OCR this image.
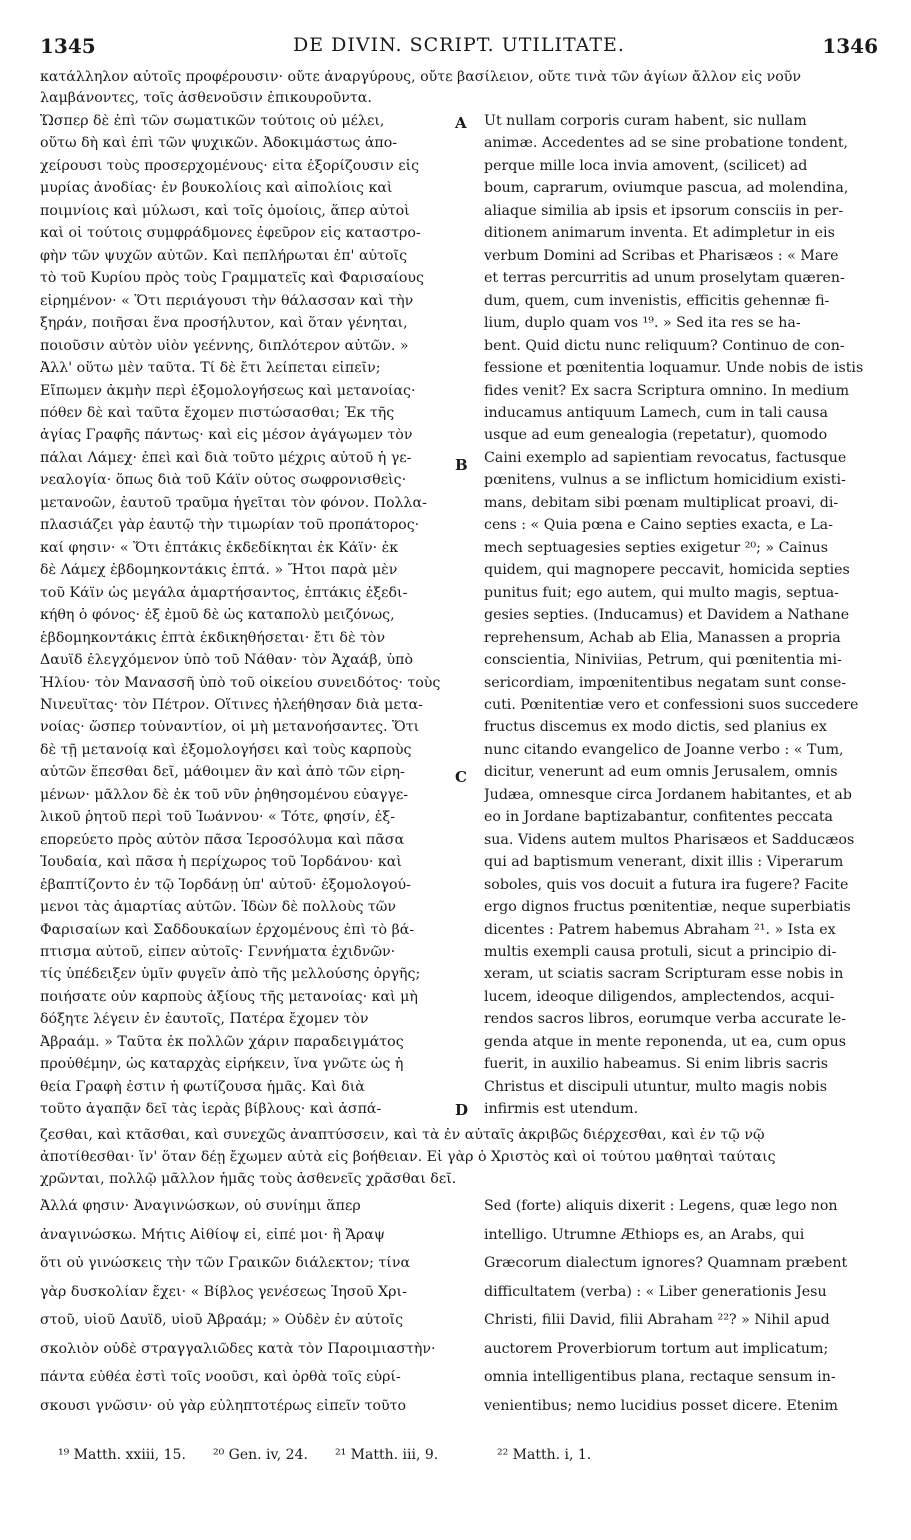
1345	DE DIVIN. SCRIPT. UTILITATE.	1346
κατάλληλον αὐτοῖς προφέρουσιν· οὔτε ἀναργύρους, οὔτε βασίλειον, οὔτε τινὰ τῶν ἁγίων ἄλλον εἰς νοῦν
λαμβάνοντες, τοῖς ἀσθενοῦσιν ἐπικουροῦντα.
Ὥσπερ δὲ ἐπὶ τῶν σωματικῶν τούτοις οὐ μέλει,
οὕτω δὴ καὶ ἐπὶ τῶν ψυχικῶν. Ἀδοκιμάστως ἀπο-
χείρουσι τοὺς προσερχομένους· εἶτα ἐξορίζουσιν εἰς
μυρίας ἀνοδίας· ἐν βουκολίοις καὶ αἰπολίοις καὶ
ποιμνίοις καὶ μύλωσι, καὶ τοῖς ὁμοίοις, ἅπερ αὐτοὶ
καὶ οἱ τούτοις συμφράδμονες ἐφεῦρον εἰς καταστρο-
φὴν τῶν ψυχῶν αὐτῶν. Καὶ πεπλήρωται ἐπ' αὐτοῖς
τὸ τοῦ Κυρίου πρὸς τοὺς Γραμματεῖς καὶ Φαρισαίους
εἰρημένον· « Ὅτι περιάγουσι τὴν θάλασσαν καὶ τὴν
ξηράν, ποιῆσαι ἕνα προσήλυτον, καὶ ὅταν γένηται,
ποιοῦσιν αὐτὸν υἱὸν γεέννης, διπλότερον αὐτῶν. »
Ἀλλ' οὕτω μὲν ταῦτα. Τί δὲ ἔτι λείπεται εἰπεῖν;
Εἴπωμεν ἀκμὴν περὶ ἐξομολογήσεως καὶ μετανοίας·
πόθεν δὲ καὶ ταῦτα ἔχομεν πιστώσασθαι; Ἐκ τῆς
ἁγίας Γραφῆς πάντως· καὶ εἰς μέσον ἀγάγωμεν τὸν
πάλαι Λάμεχ· ἐπεὶ καὶ διὰ τοῦτο μέχρις αὐτοῦ ἡ γε-
νεαλογία· ὅπως διὰ τοῦ Κάϊν οὗτος σωφρονισθεὶς·
μετανοῶν, ἑαυτοῦ τραῦμα ἡγεῖται τὸν φόνον. Πολλα-
πλασιάζει γὰρ ἑαυτῷ τὴν τιμωρίαν τοῦ προπάτορος·
καί φησιν· « Ὅτι ἑπτάκις ἐκδεδίκηται ἐκ Κάϊν· ἐκ
δὲ Λάμεχ ἑβδομηκοντάκις ἑπτά. » Ἤτοι παρὰ μὲν
τοῦ Κάϊν ὡς μεγάλα ἁμαρτήσαντος, ἑπτάκις ἐξεδι-
κήθη ὁ φόνος· ἐξ ἐμοῦ δὲ ὡς καταπολὺ μειζόνως,
ἑβδομηκοντάκις ἑπτὰ ἐκδικηθήσεται· ἔτι δὲ τὸν
Δαυΐδ ἐλεγχόμενον ὑπὸ τοῦ Νάθαν· τὸν Ἀχαάβ, ὑπὸ
Ἡλίου· τὸν Μανασσῆ ὑπὸ τοῦ οἰκείου συνειδότος· τοὺς
Νινευΐτας· τὸν Πέτρον. Οἵτινες ἠλεήθησαν διὰ μετα-
νοίας· ὥσπερ τοὐναντίον, οἱ μὴ μετανοήσαντες. Ὅτι
δὲ τῇ μετανοίᾳ καὶ ἐξομολογήσει καὶ τοὺς καρποὺς
αὐτῶν ἕπεσθαι δεῖ, μάθοιμεν ἂν καὶ ἀπὸ τῶν εἰρη-
μένων· μᾶλλον δὲ ἐκ τοῦ νῦν ῥηθησομένου εὐαγγε-
λικοῦ ῥητοῦ περὶ τοῦ Ἰωάννου· « Τότε, φησίν, ἐξ-
επορεύετο πρὸς αὐτὸν πᾶσα Ἱεροσόλυμα καὶ πᾶσα
Ἰουδαία, καὶ πᾶσα ἡ περίχωρος τοῦ Ἰορδάνου· καὶ
ἐβαπτίζοντο ἐν τῷ Ἰορδάνῃ ὑπ' αὐτοῦ· ἐξομολογού-
μενοι τὰς ἁμαρτίας αὐτῶν. Ἰδὼν δὲ πολλοὺς τῶν
Φαρισαίων καὶ Σαδδουκαίων ἐρχομένους ἐπὶ τὸ βά-
πτισμα αὐτοῦ, εἶπεν αὐτοῖς· Γεννήματα ἐχιδνῶν·
τίς ὑπέδειξεν ὑμῖν φυγεῖν ἀπὸ τῆς μελλούσης ὀργῆς;
ποιήσατε οὖν καρποὺς ἀξίους τῆς μετανοίας· καὶ μὴ
δόξητε λέγειν ἐν ἑαυτοῖς, Πατέρα ἔχομεν τὸν
Ἀβραάμ. » Ταῦτα ἐκ πολλῶν χάριν παραδειγμάτος
προὐθέμην, ὡς καταρχὰς εἰρήκειν, ἵνα γνῶτε ὡς ἡ
θεία Γραφὴ ἐστιν ἡ φωτίζουσα ἡμᾶς. Καὶ διὰ
τοῦτο ἀγαπᾷν δεῖ τὰς ἱερὰς βίβλους· καὶ ἀσπά-
Ut nullam corporis curam habent, sic nullam
animæ. Accedentes ad se sine probatione tondent,
perque mille loca invia amovent, (scilicet) ad
boum, caprarum, oviumque pascua, ad molendina,
aliaque similia ab ipsis et ipsorum consciis in per-
ditionem animarum inventa. Et adimpletur in eis
verbum Domini ad Scribas et Pharisæos : « Mare
et terras percurritis ad unum proselytam quæren-
dum, quem, cum invenistis, efficitis gehennæ fi-
lium, duplo quam vos ¹⁹. » Sed ita res se ha-
bent. Quid dictu nunc reliquum? Continuo de con-
fessione et pœnitentia loquamur. Unde nobis de istis
fides venit? Ex sacra Scriptura omnino. In medium
inducamus antiquum Lamech, cum in tali causa
usque ad eum genealogia (repetatur), quomodo
Caini exemplo ad sapientiam revocatus, factusque
pœnitens, vulnus a se inflictum homicidium existi-
mans, debitam sibi pœnam multiplicat proavi, di-
cens : « Quia pœna e Caino septies exacta, e La-
mech septuagesies septies exigetur ²⁰; » Cainus
quidem, qui magnopere peccavit, homicida septies
punitus fuit; ego autem, qui multo magis, septua-
gesies septies. (Inducamus) et Davidem a Nathane
reprehensum, Achab ab Elia, Manassen a propria
conscientia, Niniviias, Petrum, qui pœnitentia mi-
sericordiam, impœnitentibus negatam sunt conse-
cuti. Pœnitentiæ vero et confessioni suos succedere
fructus discemus ex modo dictis, sed planius ex
nunc citando evangelico de Joanne verbo : « Tum,
dicitur, venerunt ad eum omnis Jerusalem, omnis
Judæa, omnesque circa Jordanem habitantes, et ab
eo in Jordane baptizabantur, confitentes peccata
sua. Videns autem multos Pharisæos et Sadducæos
qui ad baptismum venerant, dixit illis : Viperarum
soboles, quis vos docuit a futura ira fugere? Facite
ergo dignos fructus pœnitentiæ, neque superbiatis
dicentes : Patrem habemus Abraham ²¹. » Ista ex
multis exempli causa protuli, sicut a principio di-
xeram, ut sciatis sacram Scripturam esse nobis in
lucem, ideoque diligendos, amplectendos, acqui-
rendos sacros libros, eorumque verba accurate le-
genda atque in mente reponenda, ut ea, cum opus
fuerit, in auxilio habeamus. Si enim libris sacris
Christus et discipuli utuntur, multo magis nobis
infirmis est utendum.
ζεσθαι, καὶ κτᾶσθαι, καὶ συνεχῶς ἀναπτύσσειν, καὶ τὰ ἐν αὐταῖς ἀκριβῶς διέρχεσθαι, καὶ ἐν τῷ νῷ
ἀποτίθεσθαι· ἵν' ὅταν δέῃ ἔχωμεν αὐτὰ εἰς βοήθειαν. Εἰ γὰρ ὁ Χριστὸς καὶ οἱ τούτου μαθηταὶ ταύταις
χρῶνται, πολλῷ μᾶλλον ἡμᾶς τοὺς ἀσθενεῖς χρᾶσθαι δεῖ.
Ἀλλά φησιν· Ἀναγινώσκων, οὐ συνίημι ἅπερ
ἀναγινώσκω. Μήτις Αἰθίοψ εἶ, εἰπέ μοι· ἢ Ἄραψ
ὅτι οὐ γινώσκεις τὴν τῶν Γραικῶν διάλεκτον; τίνα
γὰρ δυσκολίαν ἔχει· « Βίβλος γενέσεως Ἰησοῦ Χρι-
στοῦ, υἱοῦ Δαυΐδ, υἱοῦ Ἀβραάμ; » Οὐδὲν ἐν αὐτοῖς
σκολιὸν οὐδὲ στραγγαλιῶδες κατὰ τὸν Παροιμιαστὴν·
πάντα εὐθέα ἐστὶ τοῖς νοοῦσι, καὶ ὀρθὰ τοῖς εὑρί-
σκουσι γνῶσιν· οὐ γὰρ εὐληπτοτέρως εἰπεῖν τοῦτο
Sed (forte) aliquis dixerit : Legens, quæ lego non
intelligo. Utrumne Æthiops es, an Arabs, qui
Græcorum dialectum ignores? Quamnam præbent
difficultatem (verba) : « Liber generationis Jesu
Christi, filii David, filii Abraham ²²? » Nihil apud
auctorem Proverbiorum tortum aut implicatum;
omnia intelligentibus plana, rectaque sensum in-
venientibus; nemo lucidius posset dicere. Etenim
A
B
C
D
¹⁹ Matth. xxiii, 15. ²⁰ Gen. iv, 24. ²¹ Matth. iii, 9.	²² Matth. i, 1.
